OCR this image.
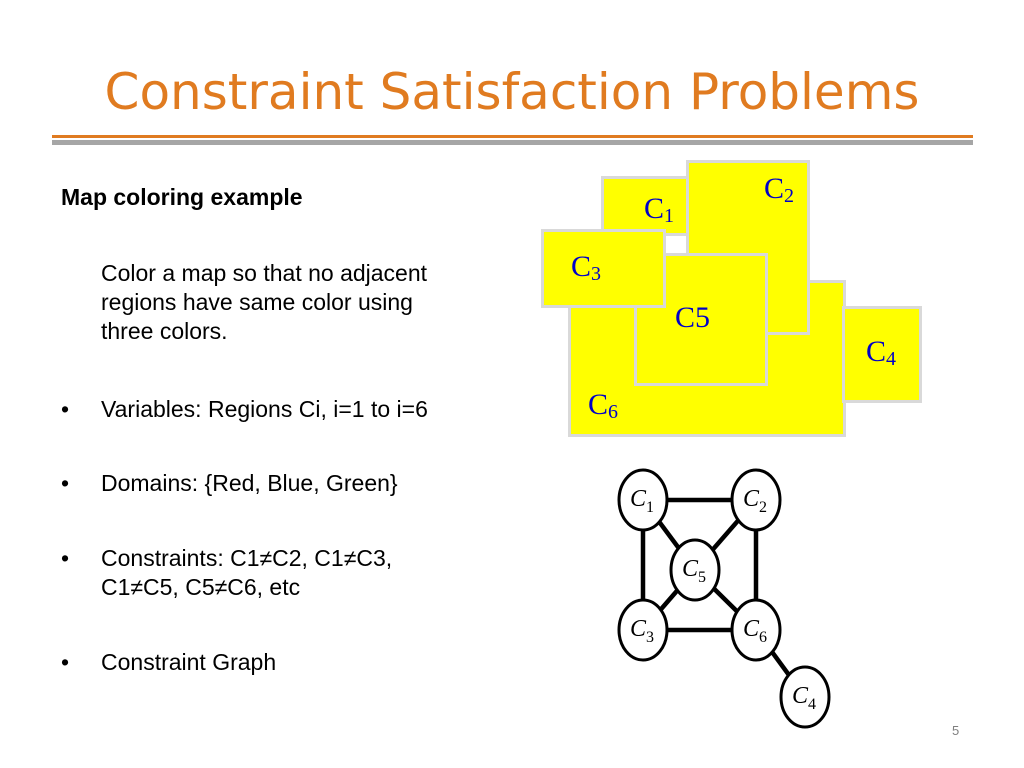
Constraint Satisfaction Problems
Map coloring example
Color a map so that no adjacent
regions have same color using
three colors.
• Variables: Regions Ci, i=1 to i=6
• Domains: {Red, Blue, Green}
• Constraints: C1≠C2, C1≠C3,
C1≠C5, C5≠C6, etc
• Constraint Graph
$C_1$
$C_2$
$C_3$
$C_4$
C5
$C_6$
$C_1$	$C_2$
$C_5$
$C_3$	$C_6$
$C_4$
5
